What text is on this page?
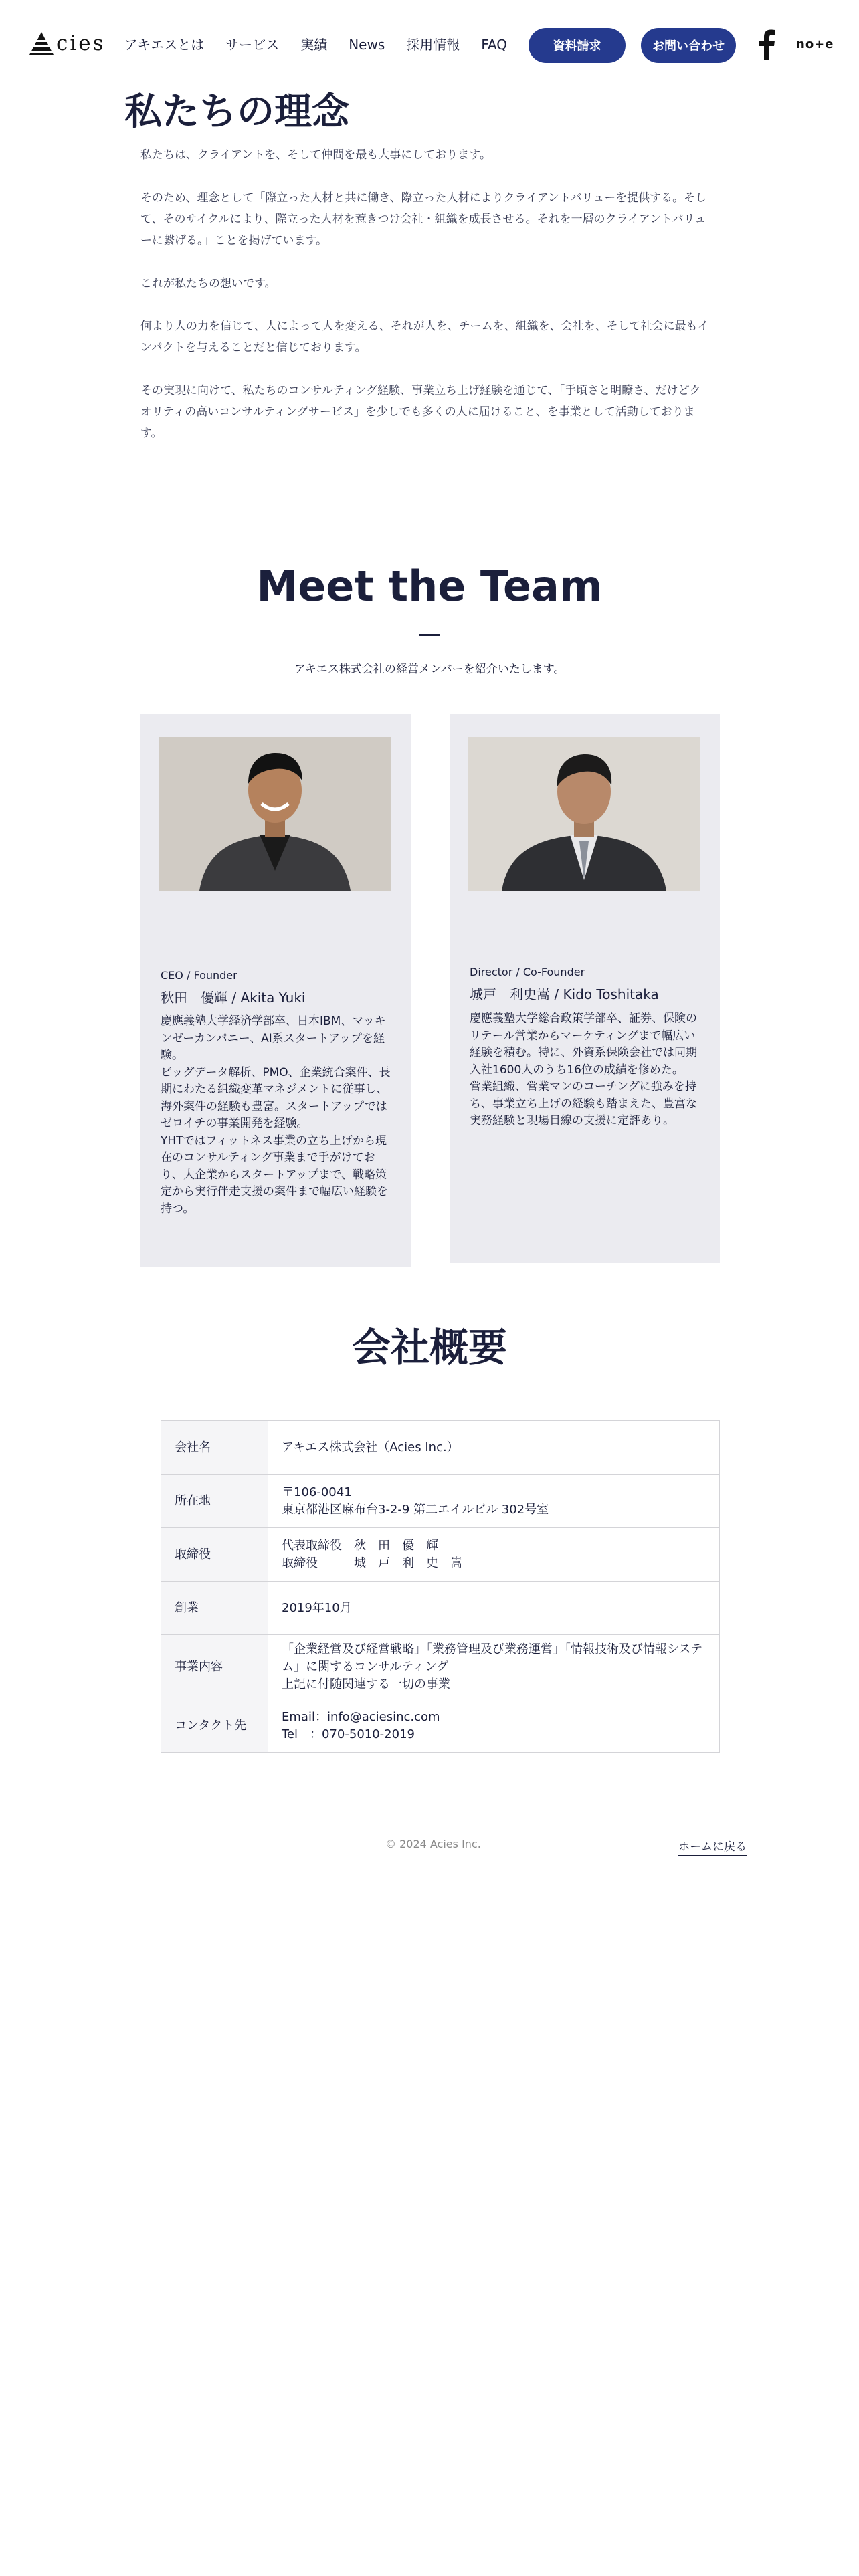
cies アキエスとは サービス 実績 News 採用情報 FAQ	資料請求	お問い合わせ	no+e
私たちの理念

私たちは、クライアントを、そして仲間を最も大事にしております。

そのため、理念として「際立った人材と共に働き、際立った人材によりクライアントバリューを提供する。そして、そのサイクルにより、際立った人材を惹きつけ会社・組織を成長させる。それを一層のクライアントバリューに繋げる。」ことを掲げています。

これが私たちの想いです。

何より人の力を信じて、人によって人を変える、それが人を、チームを、組織を、会社を、そして社会に最もインパクトを与えることだと信じております。

その実現に向けて、私たちのコンサルティング経験、事業立ち上げ経験を通じて、「手頃さと明瞭さ、だけどクオリティの高いコンサルティングサービス」を少しでも多くの人に届けること、を事業として活動しております。

Meet the Team
アキエス株式会社の経営メンバーを紹介いたします。
CEO / Founder
秋田　優輝 / Akita Yuki
慶應義塾大学経済学部卒、日本IBM、マッキンゼーカンパニー、AI系スタートアップを経験。
ビッグデータ解析、PMO、企業統合案件、長期にわたる組織変革マネジメントに従事し、海外案件の経験も豊富。スタートアップではゼロイチの事業開発を経験。
YHTではフィットネス事業の立ち上げから現在のコンサルティング事業まで手がけており、大企業からスタートアップまで、戦略策定から実行伴走支援の案件まで幅広い経験を持つ。
Director / Co-Founder
城戸　利史嵩 / Kido Toshitaka
慶應義塾大学総合政策学部卒、証券、保険のリテール営業からマーケティングまで幅広い経験を積む。特に、外資系保険会社では同期入社1600人のうち16位の成績を修めた。
営業組織、営業マンのコーチングに強みを持ち、事業立ち上げの経験も踏まえた、豊富な実務経験と現場目線の支援に定評あり。
会社概要
会社名	アキエス株式会社（Acies Inc.）
所在地	〒106-0041
東京都港区麻布台3-2-9 第二エイルビル 302号室
取締役	代表取締役　秋　田　優　輝
取締役　　　城　戸　利　史　嵩
創業	2019年10月
事業内容	「企業経営及び経営戦略」「業務管理及び業務運営」「情報技術及び情報システム」に関するコンサルティング
上記に付随関連する一切の事業
コンタクト先	Email：info@aciesinc.com
Tel　：070-5010-2019
© 2024 Acies Inc.	ホームに戻る
